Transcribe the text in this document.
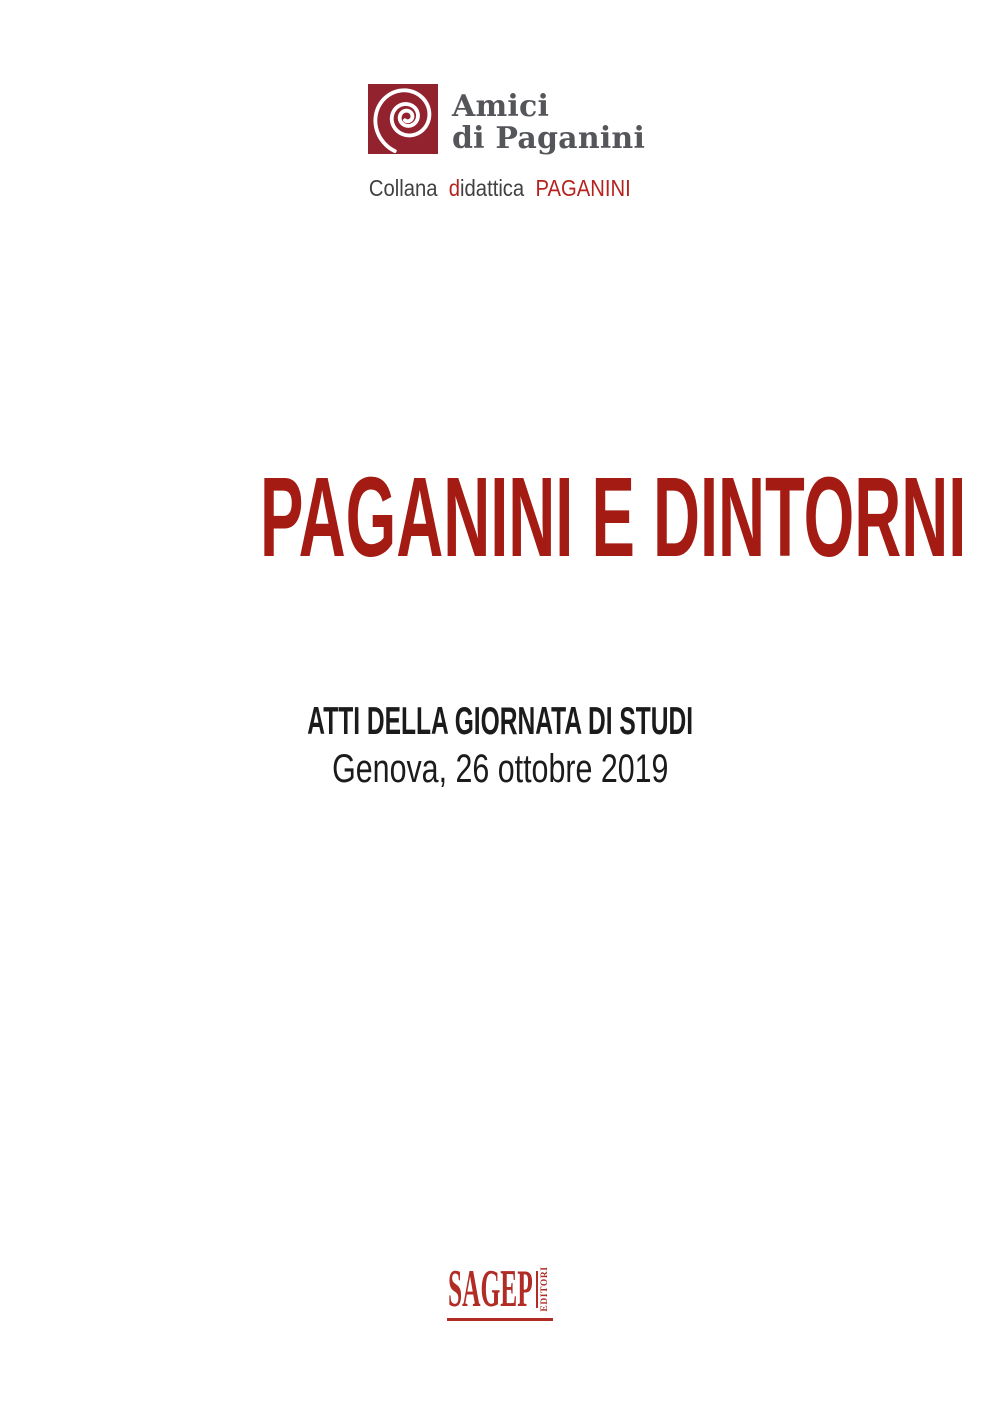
Amici
di Paganini
Collana didattica PAGANINI
PAGANINI E DINTORNI
ATTI DELLA GIORNATA DI STUDI
Genova, 26 ottobre 2019
SAGEP EDITORI
